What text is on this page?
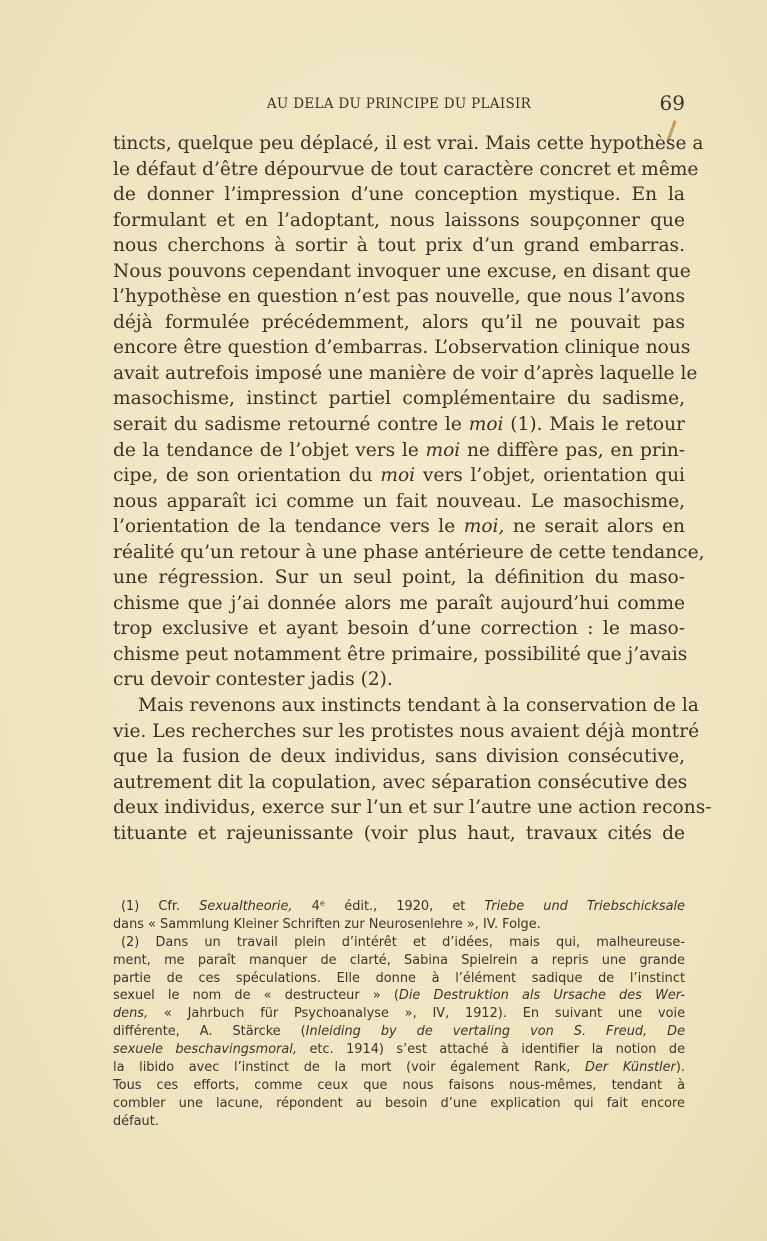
AU DELA DU PRINCIPE DU PLAISIR	69
tincts, quelque peu déplacé, il est vrai. Mais cette hypothèse a
le défaut d’être dépourvue de tout caractère concret et même
de donner l’impression d’une conception mystique. En la
formulant et en l’adoptant, nous laissons soupçonner que
nous cherchons à sortir à tout prix d’un grand embarras.
Nous pouvons cependant invoquer une excuse, en disant que
l’hypothèse en question n’est pas nouvelle, que nous l’avons
déjà formulée précédemment, alors qu’il ne pouvait pas
encore être question d’embarras. L’observation clinique nous
avait autrefois imposé une manière de voir d’après laquelle le
masochisme, instinct partiel complémentaire du sadisme,
serait du sadisme retourné contre le moi (1). Mais le retour
de la tendance de l’objet vers le moi ne diffère pas, en prin-
cipe, de son orientation du moi vers l’objet, orientation qui
nous apparaît ici comme un fait nouveau. Le masochisme,
l’orientation de la tendance vers le moi, ne serait alors en
réalité qu’un retour à une phase antérieure de cette tendance,
une régression. Sur un seul point, la définition du maso-
chisme que j’ai donnée alors me paraît aujourd’hui comme
trop exclusive et ayant besoin d’une correction : le maso-
chisme peut notamment être primaire, possibilité que j’avais
cru devoir contester jadis (2).
Mais revenons aux instincts tendant à la conservation de la
vie. Les recherches sur les protistes nous avaient déjà montré
que la fusion de deux individus, sans division consécutive,
autrement dit la copulation, avec séparation consécutive des
deux individus, exerce sur l’un et sur l’autre une action recons-
tituante et rajeunissante (voir plus haut, travaux cités de
(1) Cfr. Sexualtheorie, 4ᵉ édit., 1920, et Triebe und Triebschicksale
dans « Sammlung Kleiner Schriften zur Neurosenlehre », IV. Folge.
(2) Dans un travail plein d’intérêt et d’idées, mais qui, malheureuse-
ment, me paraît manquer de clarté, Sabina Spielrein a repris une grande
partie de ces spéculations. Elle donne à l’élément sadique de l’instinct
sexuel le nom de « destructeur » (Die Destruktion als Ursache des Wer-
dens, « Jahrbuch für Psychoanalyse », IV, 1912). En suivant une voie
différente, A. Stärcke (Inleiding by de vertaling von S. Freud, De
sexuele beschavingsmoral, etc. 1914) s’est attaché à identifier la notion de
la libido avec l’instinct de la mort (voir également Rank, Der Künstler).
Tous ces efforts, comme ceux que nous faisons nous-mêmes, tendant à
combler une lacune, répondent au besoin d’une explication qui fait encore
défaut.
